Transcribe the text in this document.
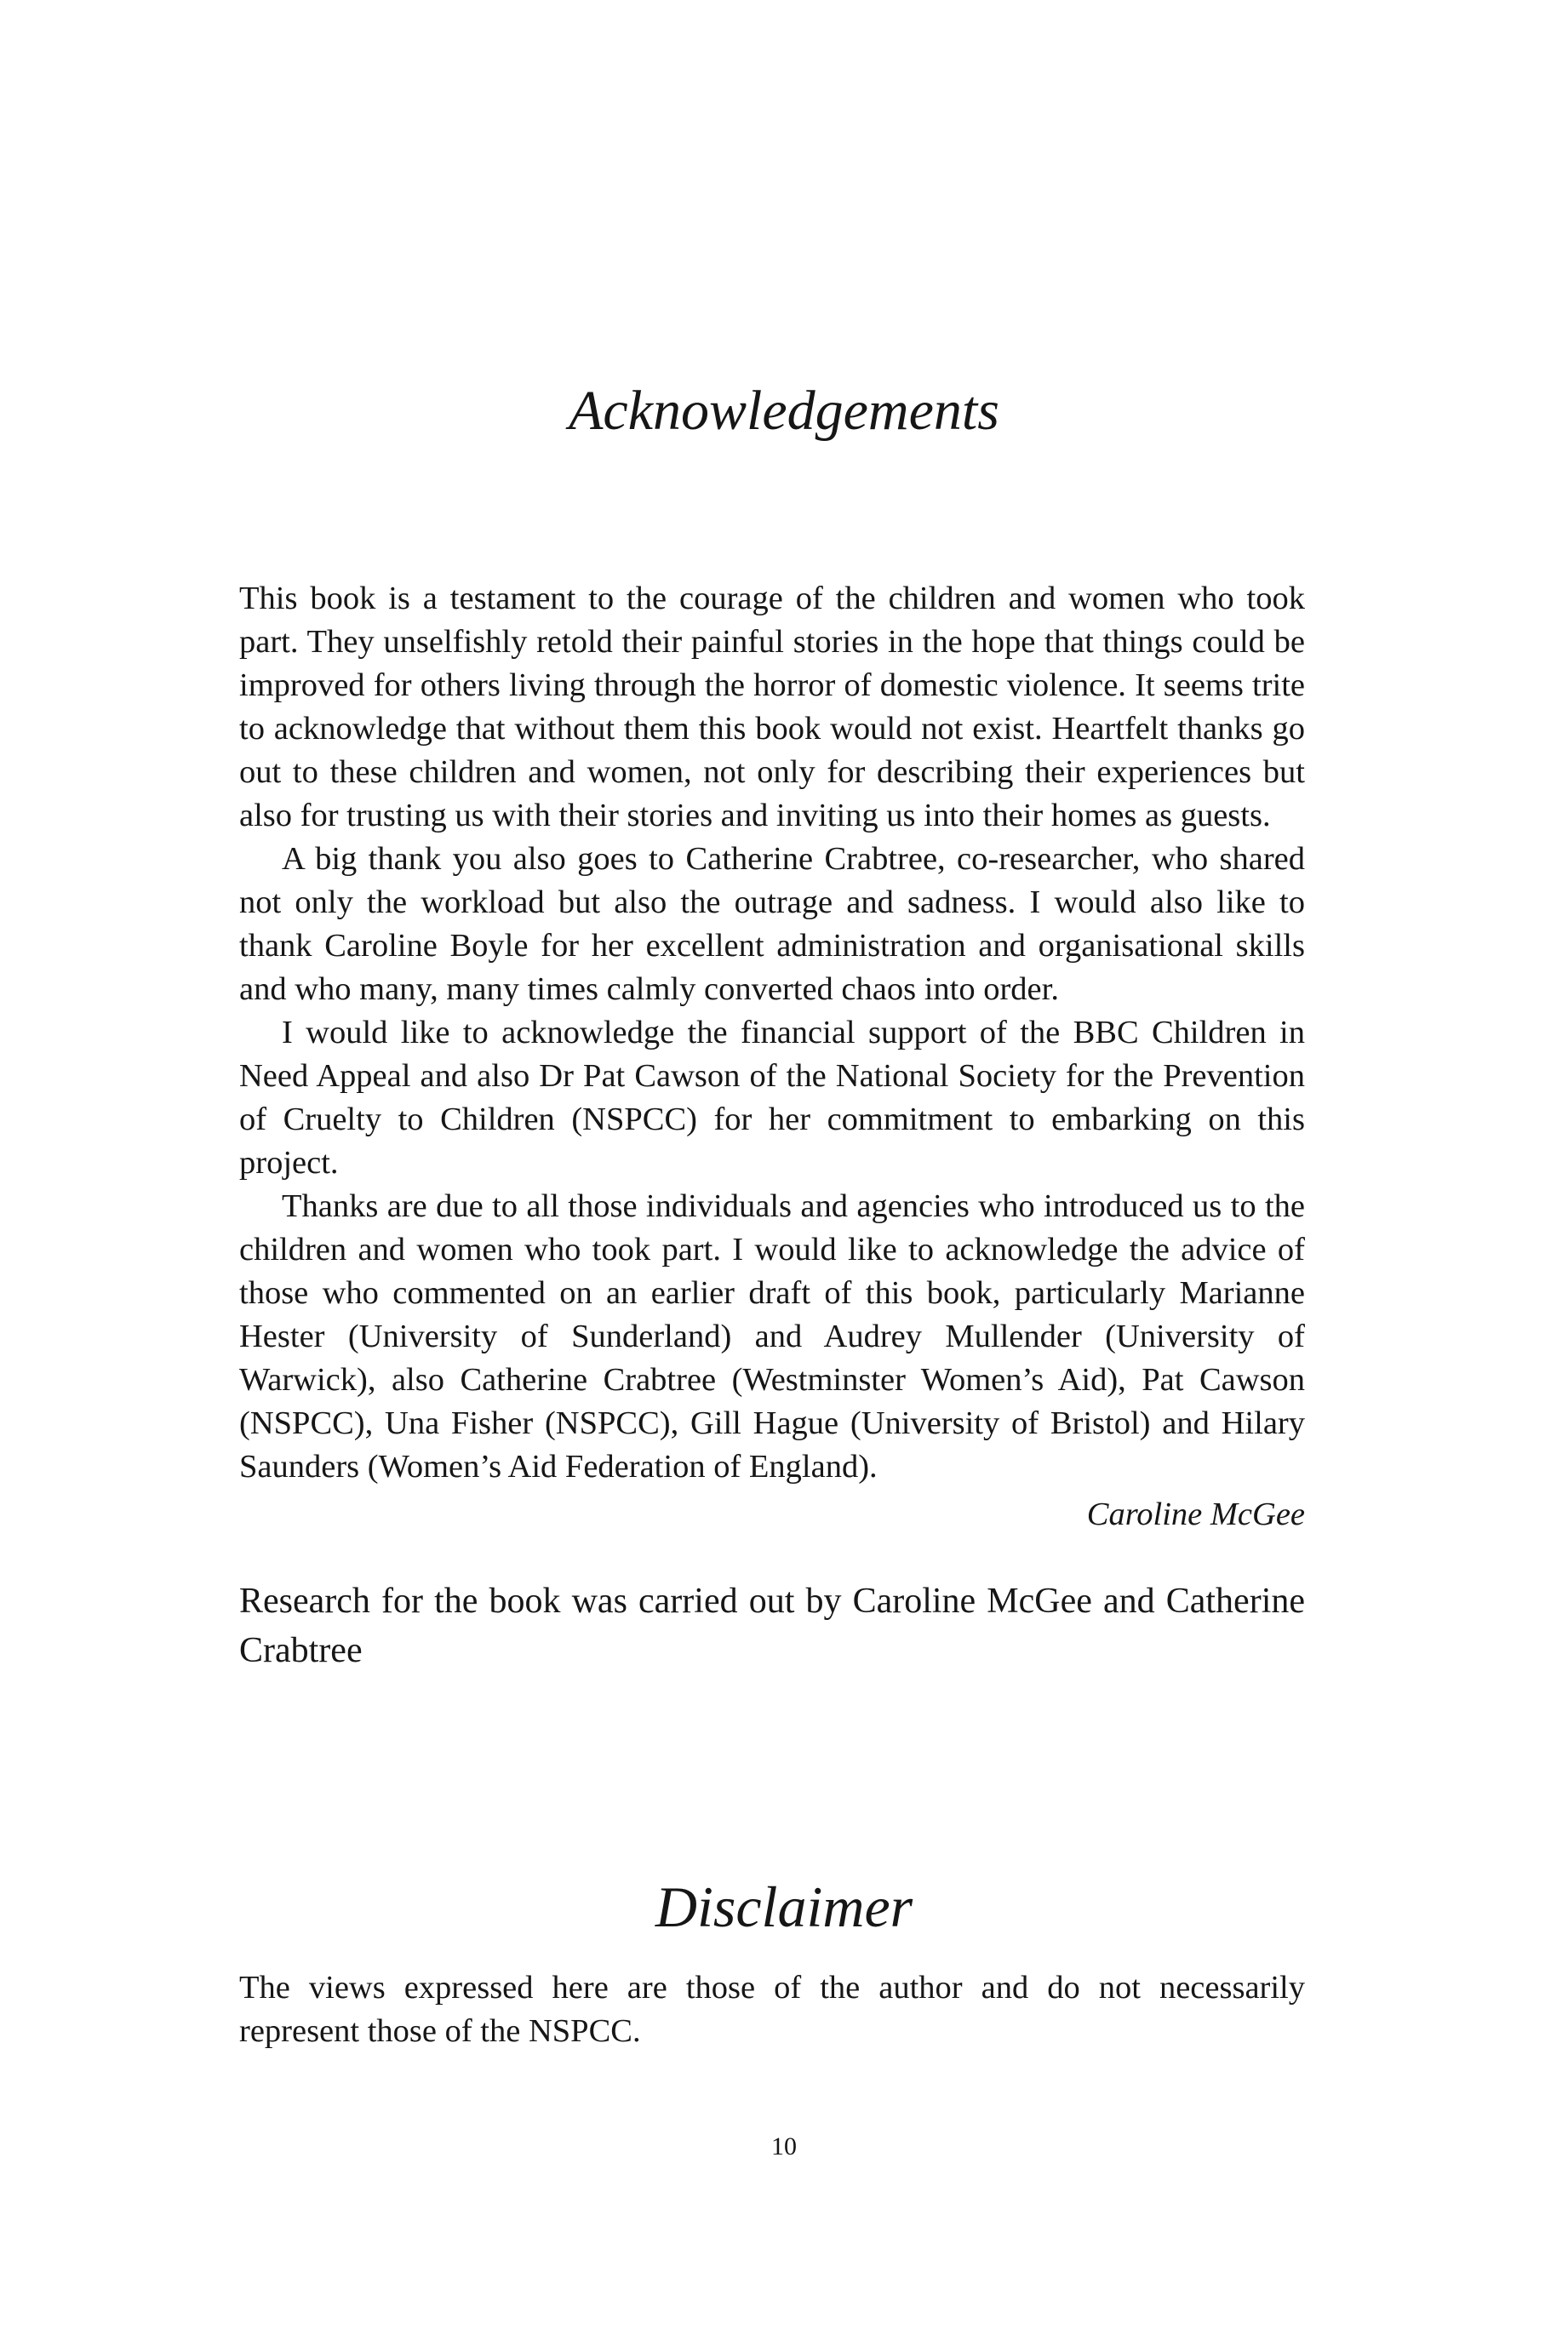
Acknowledgements

This book is a testament to the courage of the children and women who took part. They unselfishly retold their painful stories in the hope that things could be improved for others living through the horror of domestic violence. It seems trite to acknowledge that without them this book would not exist. Heartfelt thanks go out to these children and women, not only for describing their experiences but also for trusting us with their stories and inviting us into their homes as guests.

A big thank you also goes to Catherine Crabtree, co-researcher, who shared not only the workload but also the outrage and sadness. I would also like to thank Caroline Boyle for her excellent administration and organisational skills and who many, many times calmly converted chaos into order.

I would like to acknowledge the financial support of the BBC Children in Need Appeal and also Dr Pat Cawson of the National Society for the Prevention of Cruelty to Children (NSPCC) for her commitment to embarking on this project.

Thanks are due to all those individuals and agencies who introduced us to the children and women who took part. I would like to acknowledge the advice of those who commented on an earlier draft of this book, particularly Marianne Hester (University of Sunderland) and Audrey Mullender (University of Warwick), also Catherine Crabtree (Westminster Women’s Aid), Pat Cawson (NSPCC), Una Fisher (NSPCC), Gill Hague (University of Bristol) and Hilary Saunders (Women’s Aid Federation of England).

Caroline McGee

Research for the book was carried out by Caroline McGee and Catherine Crabtree

Disclaimer

The views expressed here are those of the author and do not necessarily represent those of the NSPCC.

10
